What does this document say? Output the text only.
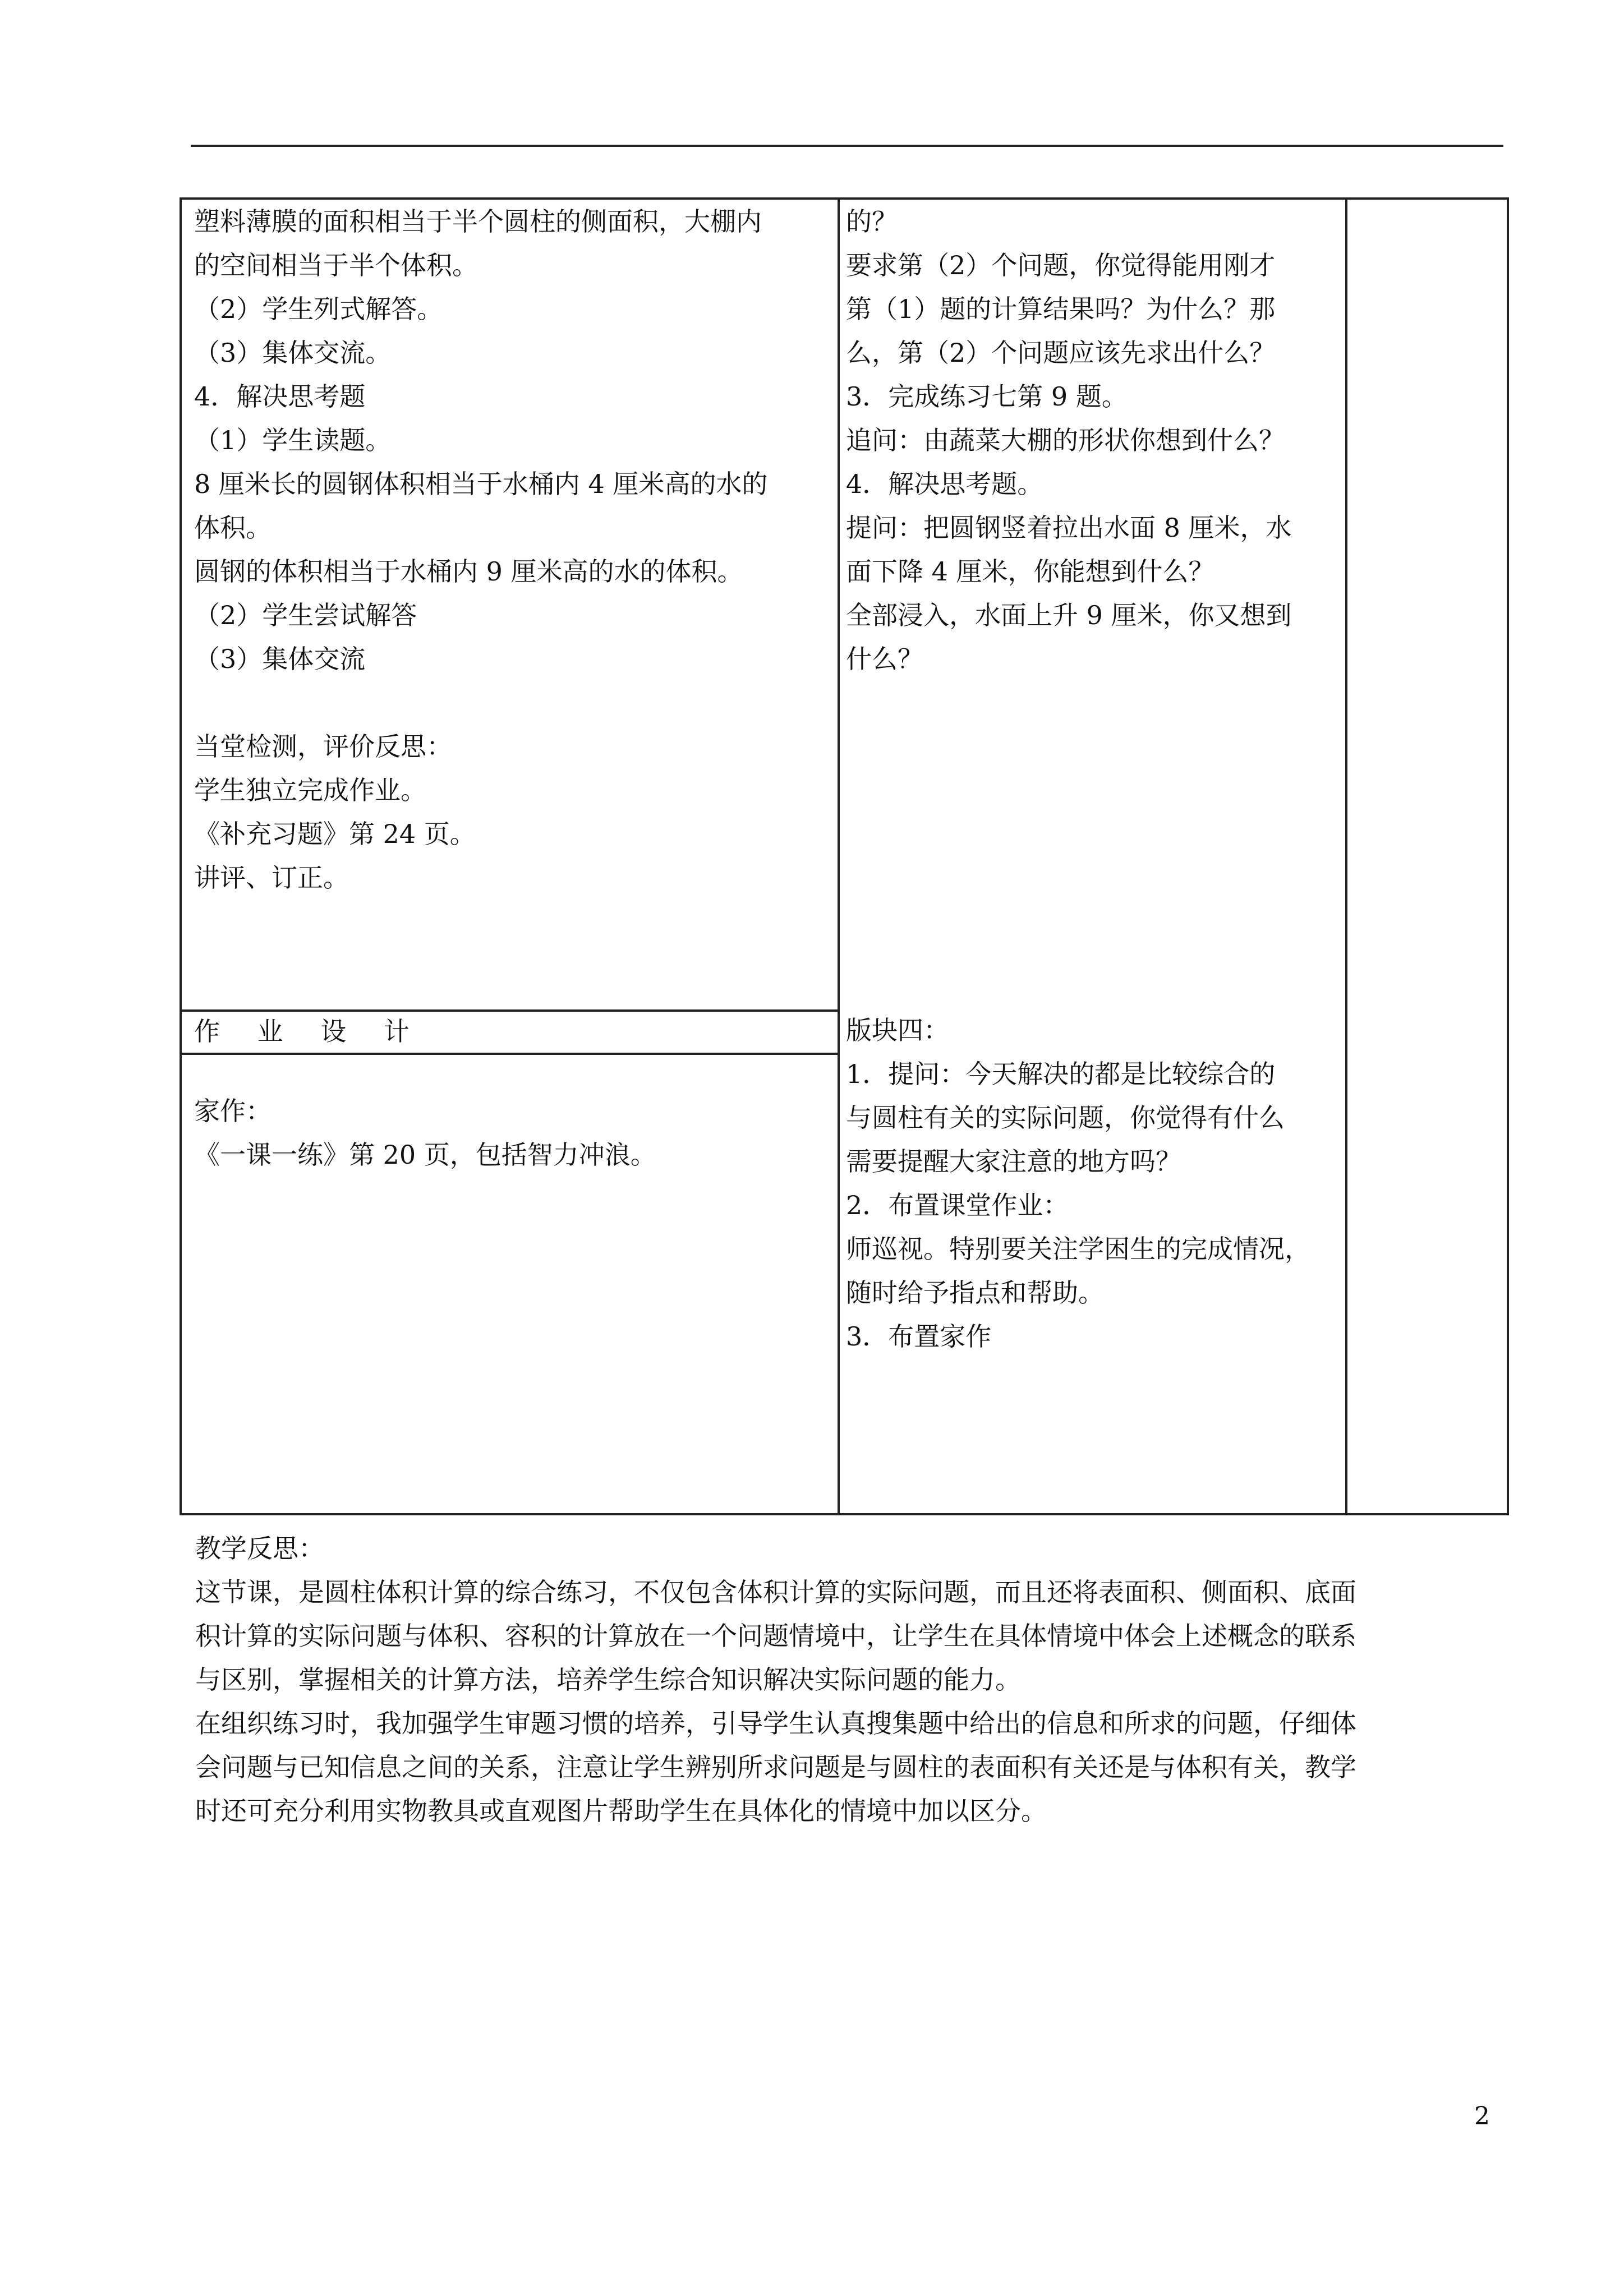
塑料薄膜的面积相当于半个圆柱的侧面积，大棚内
的空间相当于半个体积。
（2）学生列式解答。
（3）集体交流。
4．解决思考题
（1）学生读题。
8 厘米长的圆钢体积相当于水桶内 4 厘米高的水的
体积。
圆钢的体积相当于水桶内 9 厘米高的水的体积。
（2）学生尝试解答
（3）集体交流
当堂检测，评价反思：
学生独立完成作业。
《补充习题》第 24 页。
讲评、订正。
作 业 设 计
家作：
《一课一练》第 20 页，包括智力冲浪。
的？
要求第（2）个问题，你觉得能用刚才
第（1）题的计算结果吗？为什么？那
么，第（2）个问题应该先求出什么？
3．完成练习七第 9 题。
追问：由蔬菜大棚的形状你想到什么？
4．解决思考题。
提问：把圆钢竖着拉出水面 8 厘米，水
面下降 4 厘米，你能想到什么？
全部浸入，水面上升 9 厘米，你又想到
什么？
版块四：
1．提问：今天解决的都是比较综合的
与圆柱有关的实际问题，你觉得有什么
需要提醒大家注意的地方吗？
2．布置课堂作业：
师巡视。特别要关注学困生的完成情况，
随时给予指点和帮助。
3．布置家作
教学反思：
这节课，是圆柱体积计算的综合练习，不仅包含体积计算的实际问题，而且还将表面积、侧面积、底面
积计算的实际问题与体积、容积的计算放在一个问题情境中，让学生在具体情境中体会上述概念的联系
与区别，掌握相关的计算方法，培养学生综合知识解决实际问题的能力。
在组织练习时，我加强学生审题习惯的培养，引导学生认真搜集题中给出的信息和所求的问题，仔细体
会问题与已知信息之间的关系，注意让学生辨别所求问题是与圆柱的表面积有关还是与体积有关，教学
时还可充分利用实物教具或直观图片帮助学生在具体化的情境中加以区分。
2
